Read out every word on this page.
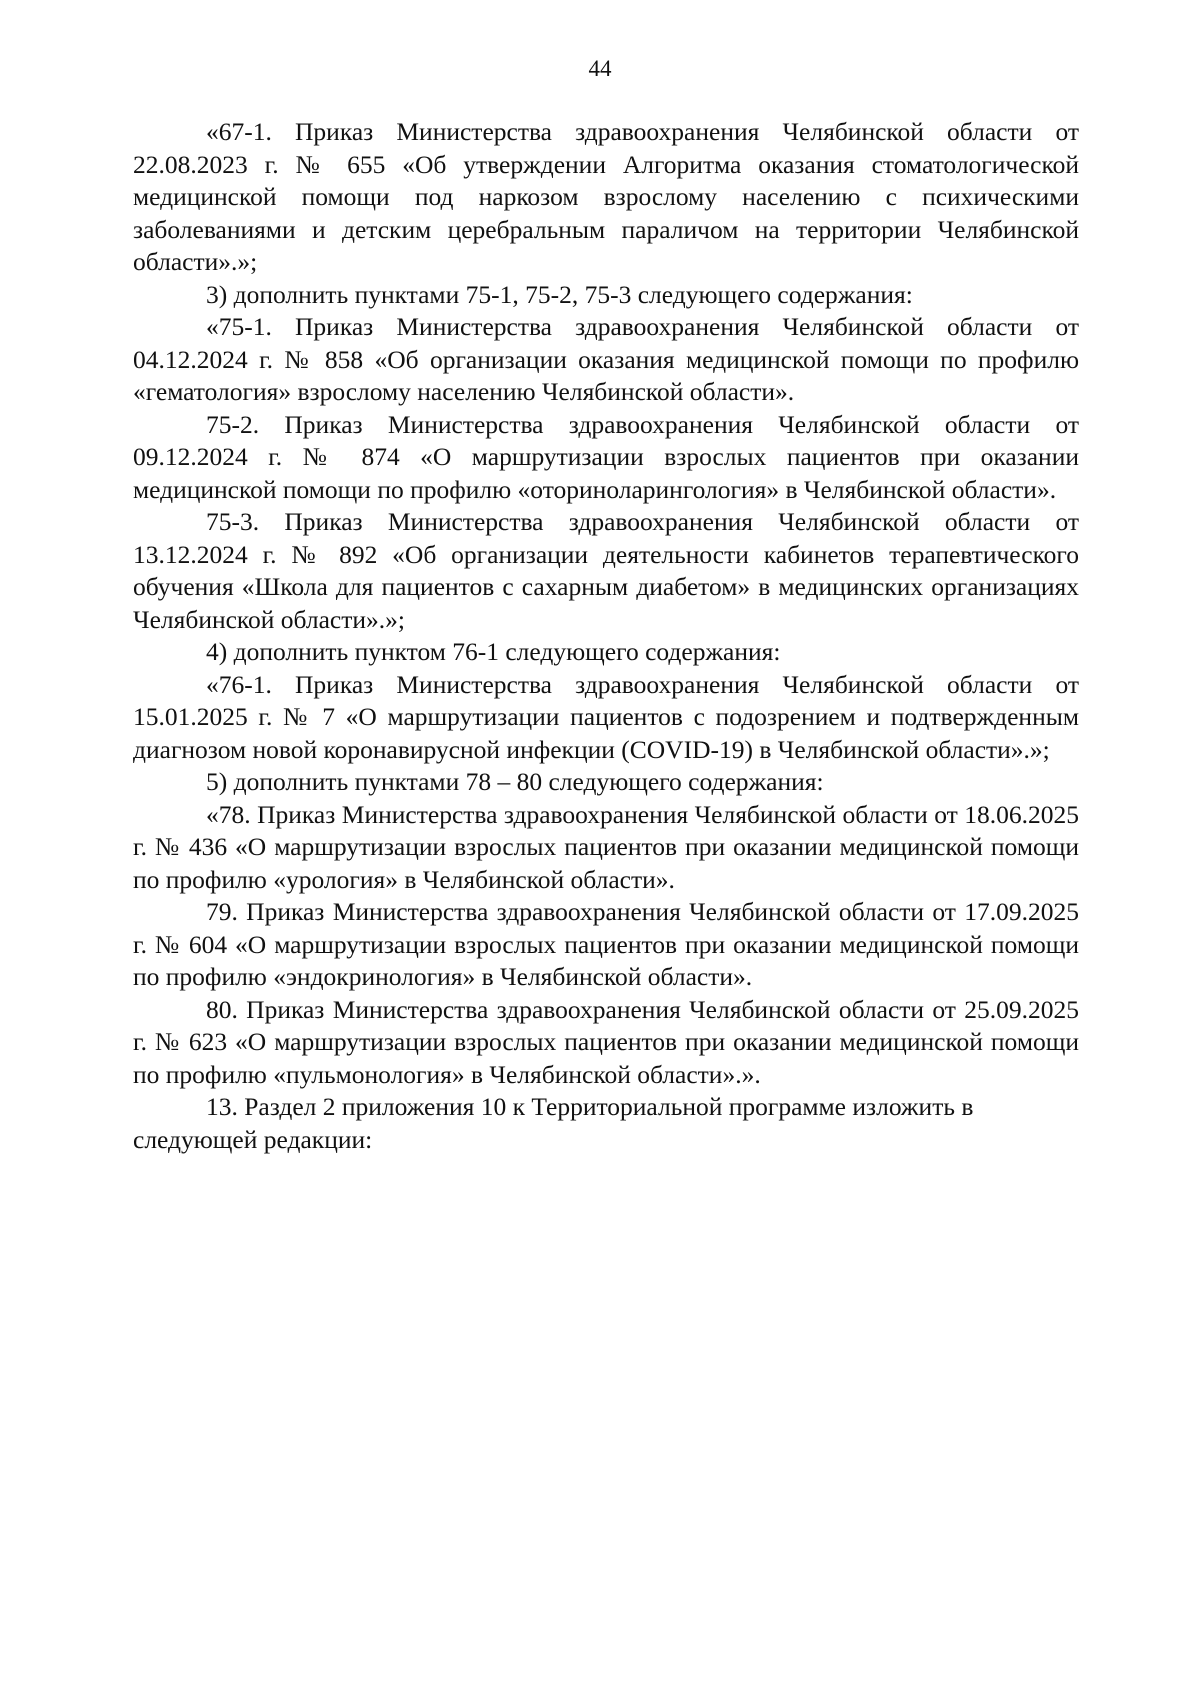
44

«67-1. Приказ Министерства здравоохранения Челябинской области от 22.08.2023 г. № 655 «Об утверждении Алгоритма оказания стоматологической медицинской помощи под наркозом взрослому населению с психическими заболеваниями и детским церебральным параличом на территории Челябинской области».»;

3) дополнить пунктами 75-1, 75-2, 75-3 следующего содержания:

«75-1. Приказ Министерства здравоохранения Челябинской области от 04.12.2024 г. № 858 «Об организации оказания медицинской помощи по профилю «гематология» взрослому населению Челябинской области».

75-2. Приказ Министерства здравоохранения Челябинской области от 09.12.2024 г. № 874 «О маршрутизации взрослых пациентов при оказании медицинской помощи по профилю «оториноларингология» в Челябинской области».

75-3. Приказ Министерства здравоохранения Челябинской области от 13.12.2024 г. № 892 «Об организации деятельности кабинетов терапевтического обучения «Школа для пациентов с сахарным диабетом» в медицинских организациях Челябинской области».»;

4) дополнить пунктом 76-1 следующего содержания:

«76-1. Приказ Министерства здравоохранения Челябинской области от 15.01.2025 г. № 7 «О маршрутизации пациентов с подозрением и подтвержденным диагнозом новой коронавирусной инфекции (COVID-19) в Челябинской области».»;

5) дополнить пунктами 78 – 80 следующего содержания:

«78. Приказ Министерства здравоохранения Челябинской области от 18.06.2025 г. № 436 «О маршрутизации взрослых пациентов при оказании медицинской помощи по профилю «урология» в Челябинской области».

79. Приказ Министерства здравоохранения Челябинской области от 17.09.2025 г. № 604 «О маршрутизации взрослых пациентов при оказании медицинской помощи по профилю «эндокринология» в Челябинской области».

80. Приказ Министерства здравоохранения Челябинской области от 25.09.2025 г. № 623 «О маршрутизации взрослых пациентов при оказании медицинской помощи по профилю «пульмонология» в Челябинской области».».

13. Раздел 2 приложения 10 к Территориальной программе изложить в следующей редакции:
